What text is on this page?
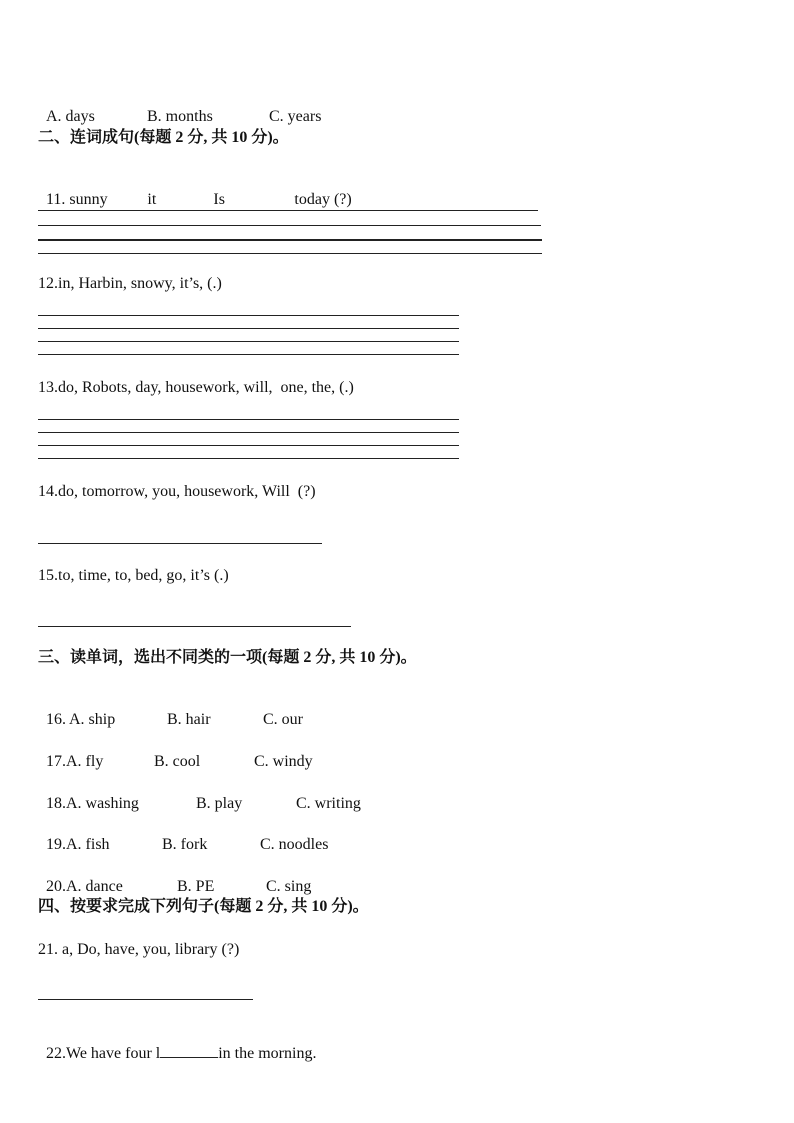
A. days	B. months	C. years

二、连词成句(每题 2 分, 共 10 分)。

11. sunny it	Is	today (?)

12.in, Harbin, snowy, it’s, (.)
13.do, Robots, day, housework, will,  one, the, (.)
14.do, tomorrow, you, housework, Will  (?)
15.to, time, to, bed, go, it’s (.)
三、读单词，选出不同类的一项(每题 2 分, 共 10 分)。

16. A. ship	B. hair	C. our

17.A. fly	B. cool	C. windy

18.A. washing	B. play	C. writing

19.A. fish	B. fork	C. noodles

20.A. dance	B. PE	C. sing

四、按要求完成下列句子(每题 2 分, 共 10 分)。
21. a, Do, have, you, library (?)

22.We have four l	in the morning.
